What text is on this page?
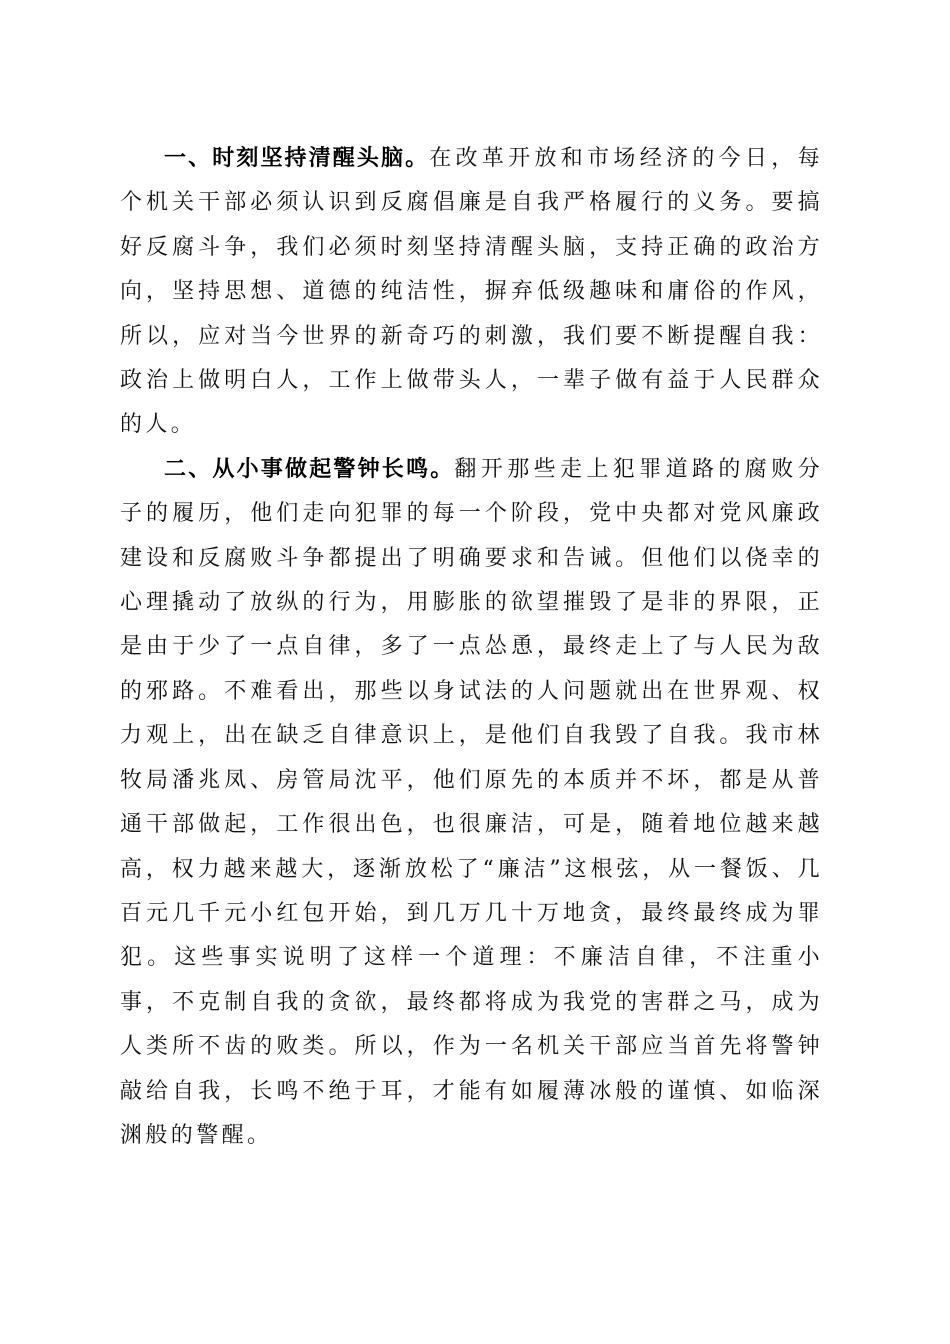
一、时刻坚持清醒头脑。在改革开放和市场经济的今日，每个机关干部必须认识到反腐倡廉是自我严格履行的义务。要搞好反腐斗争，我们必须时刻坚持清醒头脑，支持正确的政治方向，坚持思想、道德的纯洁性，摒弃低级趣味和庸俗的作风，所以，应对当今世界的新奇巧的刺激，我们要不断提醒自我：政治上做明白人，工作上做带头人，一辈子做有益于人民群众的人。

二、从小事做起警钟长鸣。翻开那些走上犯罪道路的腐败分子的履历，他们走向犯罪的每一个阶段，党中央都对党风廉政建设和反腐败斗争都提出了明确要求和告诫。但他们以侥幸的心理撬动了放纵的行为，用膨胀的欲望摧毁了是非的界限，正是由于少了一点自律，多了一点怂恿，最终走上了与人民为敌的邪路。不难看出，那些以身试法的人问题就出在世界观、权力观上，出在缺乏自律意识上，是他们自我毁了自我。我市林牧局潘兆凤、房管局沈平，他们原先的本质并不坏，都是从普通干部做起，工作很出色，也很廉洁，可是，随着地位越来越高，权力越来越大，逐渐放松了“廉洁”这根弦，从一餐饭、几百元几千元小红包开始，到几万几十万地贪，最终最终成为罪犯。这些事实说明了这样一个道理：不廉洁自律，不注重小事，不克制自我的贪欲，最终都将成为我党的害群之马，成为人类所不齿的败类。所以，作为一名机关干部应当首先将警钟敲给自我，长鸣不绝于耳，才能有如履薄冰般的谨慎、如临深渊般的警醒。
